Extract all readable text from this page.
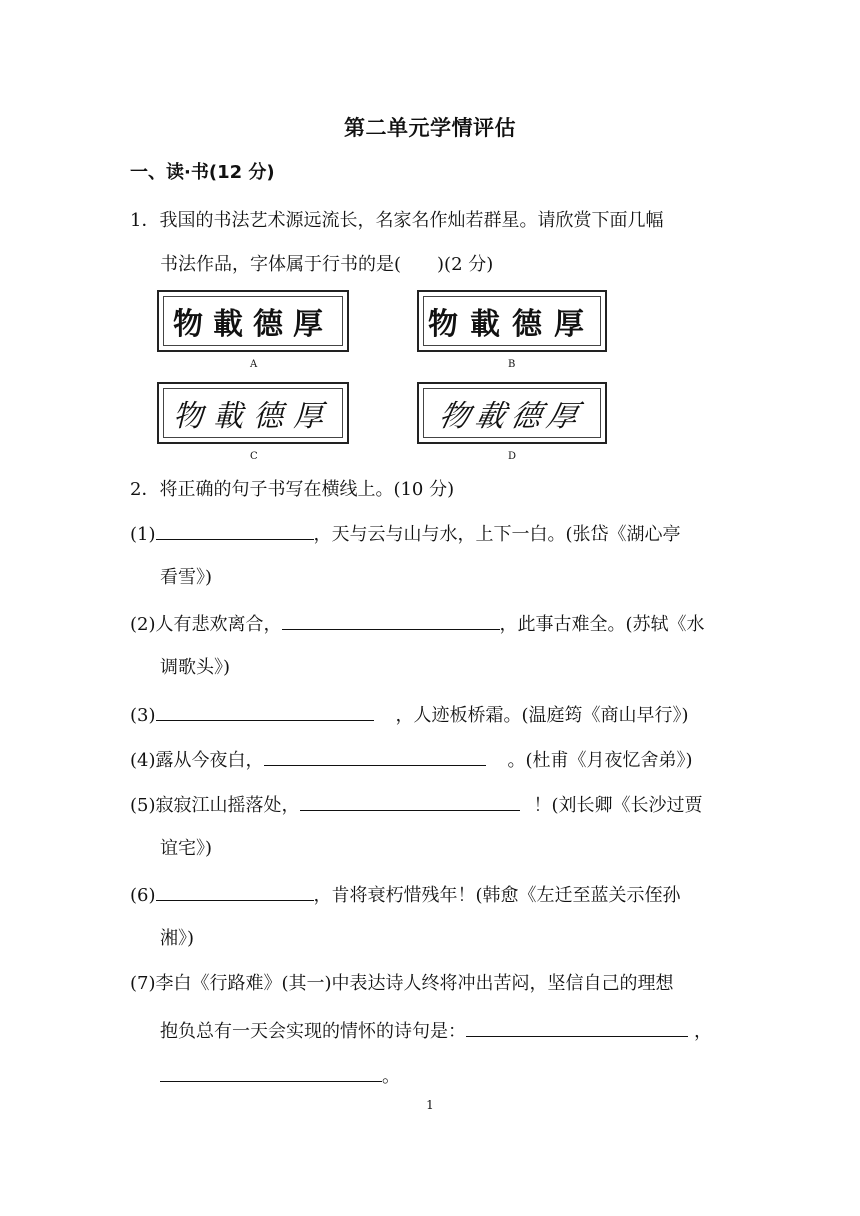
第二单元学情评估
一、读·书(12 分)
1．我国的书法艺术源远流长，名家名作灿若群星。请欣赏下面几幅
书法作品，字体属于行书的是(　　)(2 分)
物載德厚
A
物載德厚
B
物載德厚
C
物載德厚
D
2．将正确的句子书写在横线上。(10 分)
(1)	，天与云与山与水，上下一白。(张岱《湖心亭
看雪》)
(2)人有悲欢离合，	，此事古难全。(苏轼《水
调歌头》)
(3)	，人迹板桥霜。(温庭筠《商山早行》)
(4)露从今夜白，	。(杜甫《月夜忆舍弟》)
(5)寂寂江山摇落处，	！(刘长卿《长沙过贾
谊宅》)
(6)	，肯将衰朽惜残年！(韩愈《左迁至蓝关示侄孙
湘》)
(7)李白《行路难》(其一)中表达诗人终将冲出苦闷，坚信自己的理想
抱负总有一天会实现的情怀的诗句是：	，
。
1
